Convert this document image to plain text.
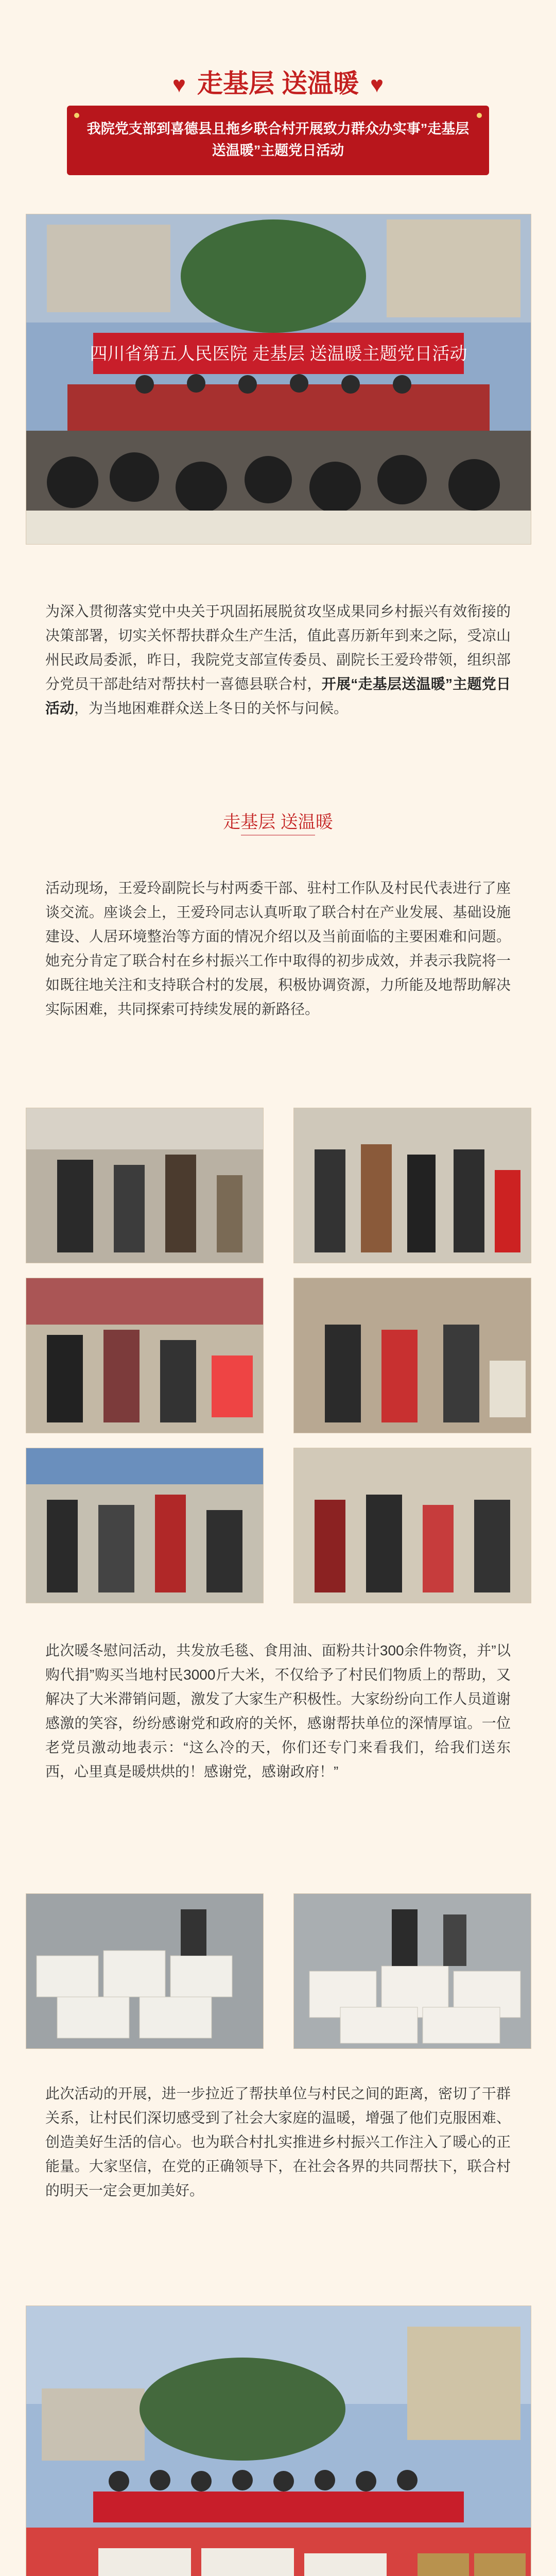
♥ 走基层 送温暖 ♥
我院党支部到喜德县且拖乡联合村开展致力群众办实事”走基层 送温暖”主题党日活动
四川省第五人民医院 走基层 送温暖主题党日活动
为深入贯彻落实党中央关于巩固拓展脱贫攻坚成果同乡村振兴有效衔接的决策部署，切实关怀帮扶群众生产生活，值此喜历新年到来之际，受凉山州民政局委派，昨日，我院党支部宣传委员、副院长王爱玲带领，组织部分党员干部赴结对帮扶村一喜德县联合村，开展“走基层送温暖”主题党日活动，为当地困难群众送上冬日的关怀与问候。
走基层 送温暖
活动现场，王爱玲副院长与村两委干部、驻村工作队及村民代表进行了座谈交流。座谈会上，王爱玲同志认真听取了联合村在产业发展、基础设施建设、人居环境整治等方面的情况介绍以及当前面临的主要困难和问题。她充分肯定了联合村在乡村振兴工作中取得的初步成效，并表示我院将一如既往地关注和支持联合村的发展，积极协调资源，力所能及地帮助解决实际困难，共同探索可持续发展的新路径。
此次暖冬慰问活动，共发放毛毯、食用油、面粉共计300余件物资，并”以购代捐”购买当地村民3000斤大米，不仅给予了村民们物质上的帮助，又解决了大米滞销问题，激发了大家生产积极性。大家纷纷向工作人员道谢感激的笑容，纷纷感谢党和政府的关怀，感谢帮扶单位的深情厚谊。一位老党员激动地表示：“这么冷的天，你们还专门来看我们，给我们送东西，心里真是暖烘烘的！感谢党，感谢政府！”
此次活动的开展，进一步拉近了帮扶单位与村民之间的距离，密切了干群关系，让村民们深切感受到了社会大家庭的温暖，增强了他们克服困难、创造美好生活的信心。也为联合村扎实推进乡村振兴工作注入了暖心的正能量。大家坚信，在党的正确领导下，在社会各界的共同帮扶下，联合村的明天一定会更加美好。
